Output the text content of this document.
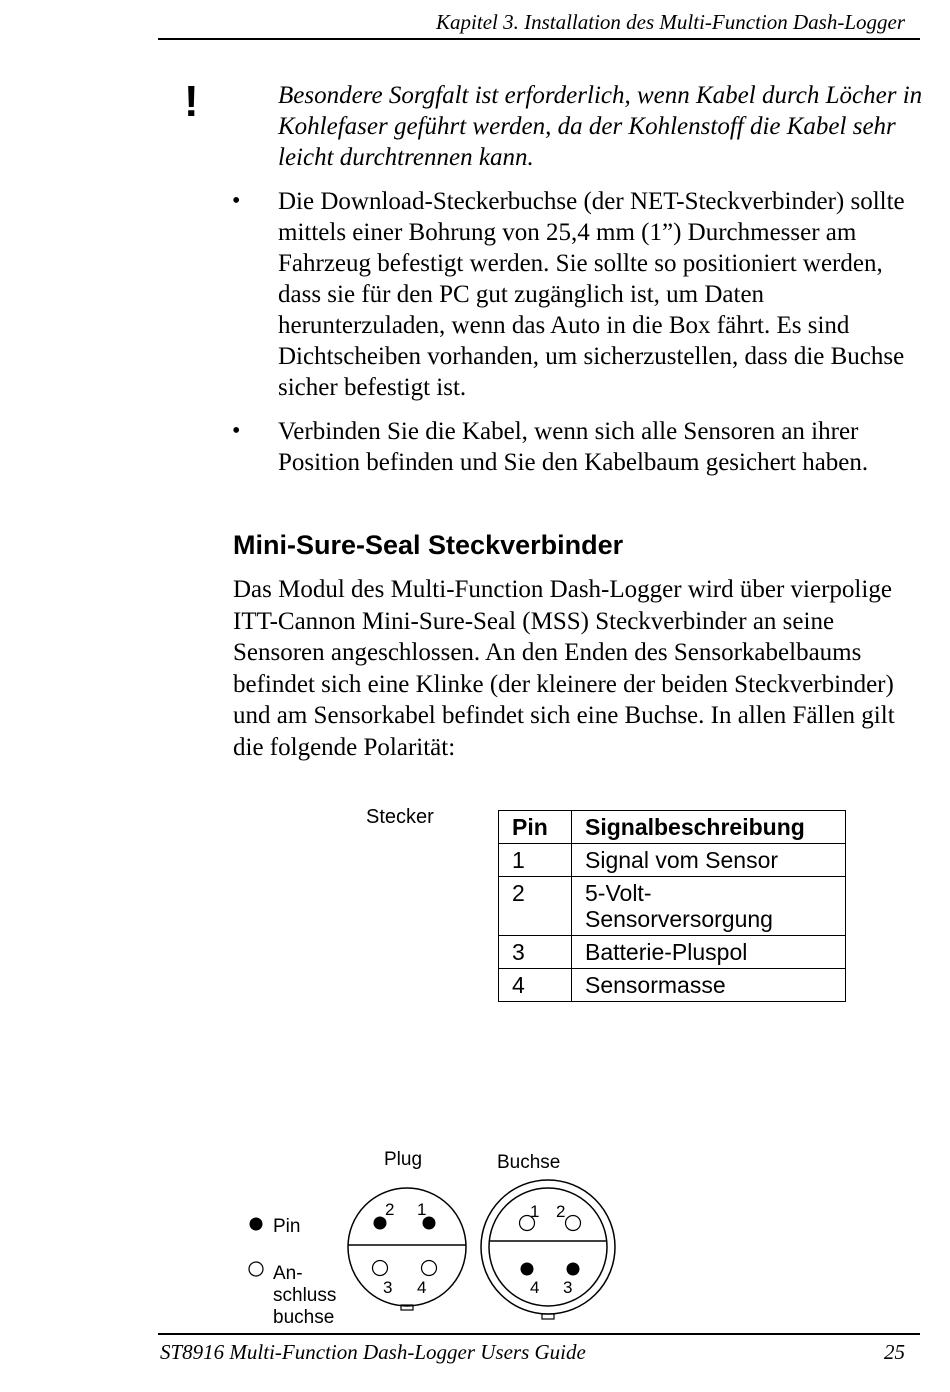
Kapitel 3. Installation des Multi-Function Dash-Logger
!	Besondere Sorgfalt ist erforderlich, wenn Kabel durch Löcher in Kohlefaser geführt werden, da der Kohlenstoff die Kabel sehr leicht durchtrennen kann.

• Die Download-Steckerbuchse (der NET-Steckverbinder) sollte mittels einer Bohrung von 25,4 mm (1”) Durchmesser am Fahrzeug befestigt werden. Sie sollte so positioniert werden, dass sie für den PC gut zugänglich ist, um Daten herunterzuladen, wenn das Auto in die Box fährt. Es sind Dichtscheiben vorhanden, um sicherzustellen, dass die Buchse sicher befestigt ist.
• Verbinden Sie die Kabel, wenn sich alle Sensoren an ihrer Position befinden und Sie den Kabelbaum gesichert haben.
Mini-Sure-Seal Steckverbinder

Das Modul des Multi-Function Dash-Logger wird über vierpolige ITT-Cannon Mini-Sure-Seal (MSS) Steckverbinder an seine Sensoren angeschlossen. An den Enden des Sensorkabelbaums befindet sich eine Klinke (der kleinere der beiden Steckverbinder) und am Sensorkabel befindet sich eine Buchse. In allen Fällen gilt die folgende Polarität:

Stecker	Pin	Signalbeschreibung
1	Signal vom Sensor
2	5-Volt-Sensorversorgung
3	Batterie-Pluspol
4	Sensormasse
Plug	Buchse
Pin
An-
schluss
buchse
2 1
3 4
1 2
4 3
ST8916 Multi-Function Dash-Logger Users Guide	25
